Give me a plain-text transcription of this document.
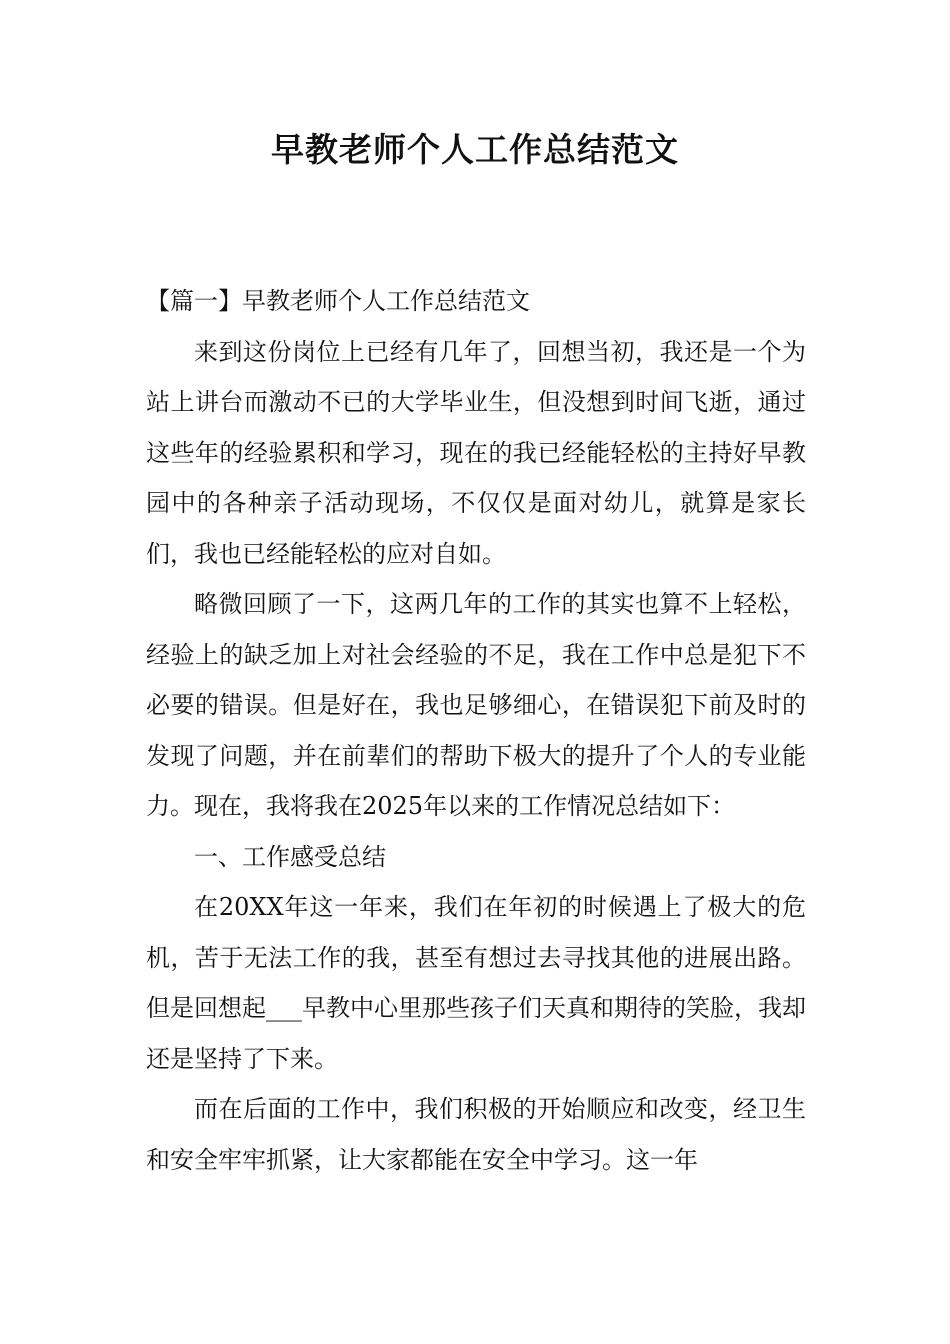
早教老师个人工作总结范文

【篇一】早教老师个人工作总结范文

来到这份岗位上已经有几年了，回想当初，我还是一个为站上讲台而激动不已的大学毕业生，但没想到时间飞逝，通过这些年的经验累积和学习，现在的我已经能轻松的主持好早教园中的各种亲子活动现场，不仅仅是面对幼儿，就算是家长们，我也已经能轻松的应对自如。

略微回顾了一下，这两几年的工作的其实也算不上轻松，经验上的缺乏加上对社会经验的不足，我在工作中总是犯下不必要的错误。但是好在，我也足够细心，在错误犯下前及时的发现了问题，并在前辈们的帮助下极大的提升了个人的专业能力。现在，我将我在2025年以来的工作情况总结如下：

一、工作感受总结

在20XX年这一年来，我们在年初的时候遇上了极大的危机，苦于无法工作的我，甚至有想过去寻找其他的进展出路。但是回想起___早教中心里那些孩子们天真和期待的笑脸，我却还是坚持了下来。

而在后面的工作中，我们积极的开始顺应和改变，经卫生和安全牢牢抓紧，让大家都能在安全中学习。这一年
